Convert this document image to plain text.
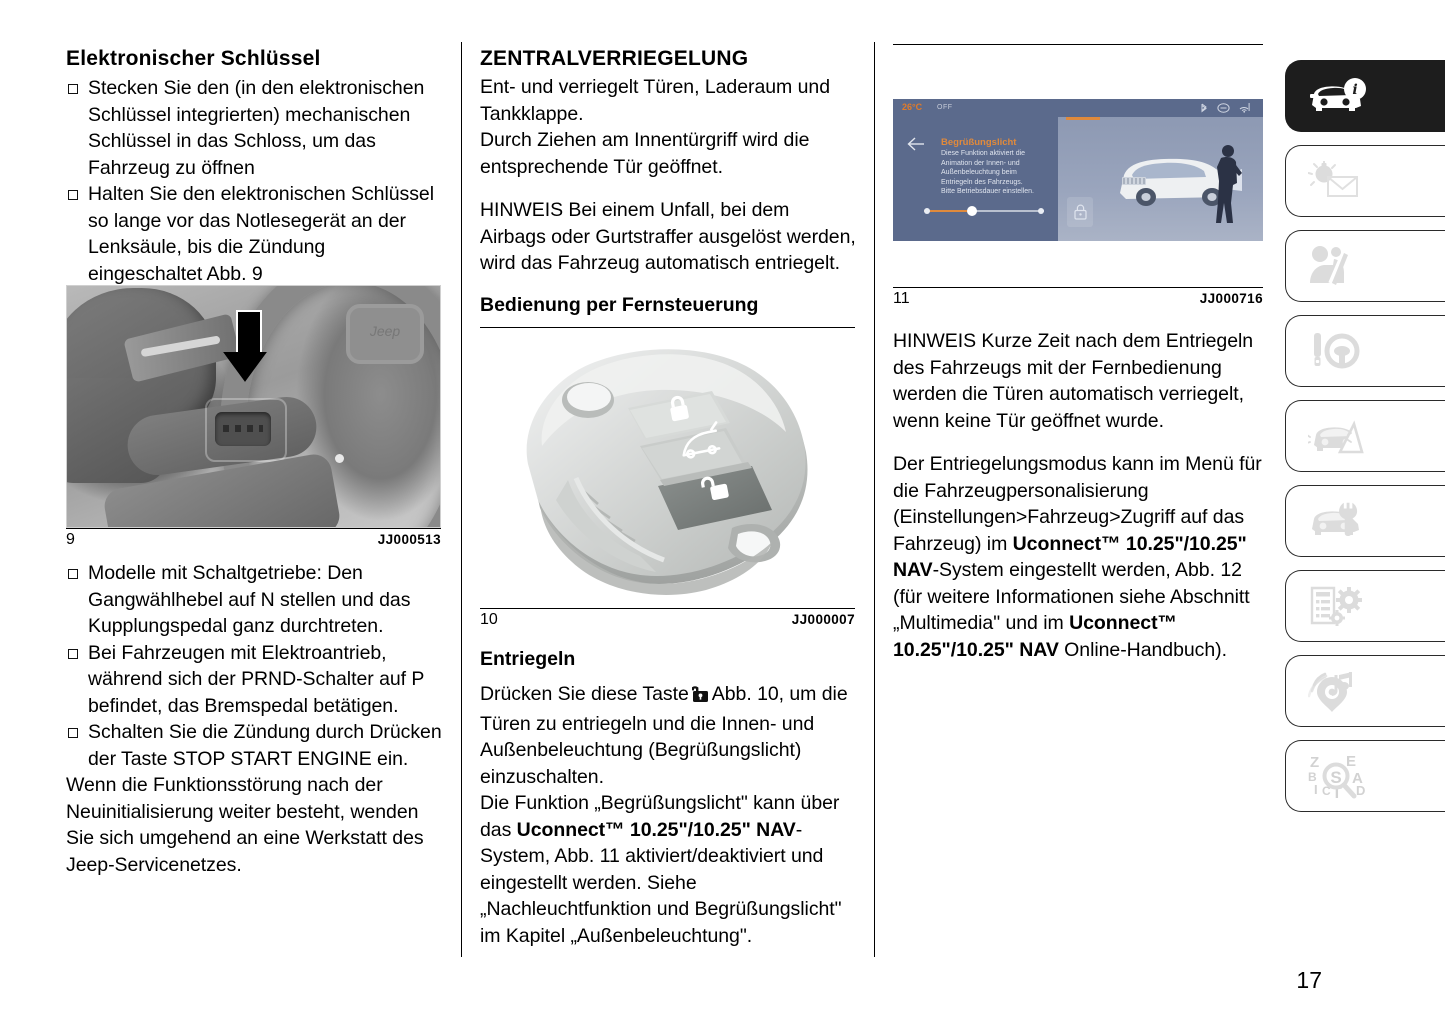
Elektronischer Schlüssel
Stecken Sie den (in den elektronischen Schlüssel integrierten) mechanischen Schlüssel in das Schloss, um das Fahrzeug zu öffnen
Halten Sie den elektronischen Schlüssel so lange vor das Notlesegerät an der Lenksäule, bis die Zündung eingeschaltet Abb. 9
Jeep
9	JJ000513
Modelle mit Schaltgetriebe: Den Gangwählhebel auf N stellen und das Kupplungspedal ganz durchtreten.
Bei Fahrzeugen mit Elektroantrieb, während sich der PRND-Schalter auf P befindet, das Bremspedal betätigen.
Schalten Sie die Zündung durch Drücken der Taste STOP START ENGINE ein.

Wenn die Funktionsstörung nach der Neuinitialisierung weiter besteht, wenden Sie sich umgehend an eine Werkstatt des Jeep-Servicenetzes.

ZENTRALVERRIEGELUNG

Ent- und verriegelt Türen, Laderaum und Tankklappe.

Durch Ziehen am Innentürgriff wird die entsprechende Tür geöffnet.

HINWEIS Bei einem Unfall, bei dem Airbags oder Gurtstraffer ausgelöst werden, wird das Fahrzeug automatisch entriegelt.

Bedienung per Fernsteuerung
10	JJ000007
Entriegeln

Drücken Sie diese Taste Abb. 10, um die Türen zu entriegeln und die Innen- und Außenbeleuchtung (Begrüßungslicht) einzuschalten.

Die Funktion „Begrüßungslicht" kann über das Uconnect™ 10.25"/10.25" NAV-System, Abb. 11 aktiviert/deaktiviert und eingestellt werden. Siehe „Nachleuchtfunktion und Begrüßungslicht" im Kapitel „Außenbeleuchtung".

26°C OFF
Begrüßungslicht
Diese Funktion aktiviert die Animation der Innen- und Außenbeleuchtung beim Entriegeln des Fahrzeugs. Bitte Betriebsdauer einstellen.
11	JJ000716

HINWEIS Kurze Zeit nach dem Entriegeln des Fahrzeugs mit der Fernbedienung werden die Türen automatisch verriegelt, wenn keine Tür geöffnet wurde.

Der Entriegelungsmodus kann im Menü für die Fahrzeugpersonalisierung (Einstellungen>Fahrzeug>Zugriff auf das Fahrzeug) im Uconnect™ 10.25"/10.25" NAV-System eingestellt werden, Abb. 12 (für weitere Informationen siehe Abschnitt „Multimedia" und im Uconnect™ 10.25"/10.25" NAV Online-Handbuch).

i
Z
B
I C T
E
A
D
S
17
